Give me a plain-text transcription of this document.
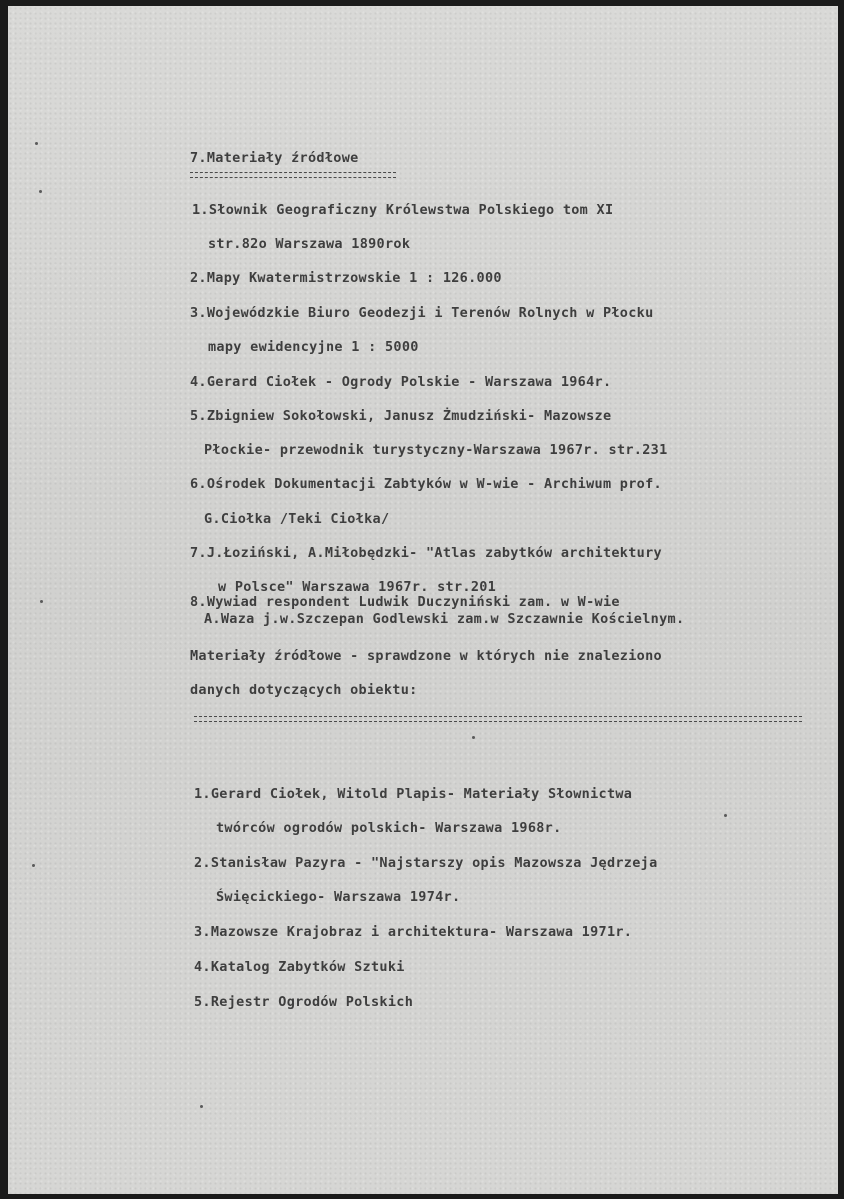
7.Materiały źródłowe

1.Słownik Geograficzny Królewstwa Polskiego tom XI

str.82o Warszawa 1890rok

2.Mapy Kwatermistrzowskie 1 : 126.000

3.Wojewódzkie Biuro Geodezji i Terenów Rolnych w Płocku

mapy ewidencyjne 1 : 5000

4.Gerard Ciołek - Ogrody Polskie - Warszawa 1964r.

5.Zbigniew Sokołowski, Janusz Żmudziński- Mazowsze

Płockie- przewodnik turystyczny-Warszawa 1967r. str.231

6.Ośrodek Dokumentacji Zabtyków w W-wie - Archiwum prof.

G.Ciołka /Teki Ciołka/

7.J.Łoziński, A.Miłobędzki- "Atlas zabytków architektury

w Polsce" Warszawa 1967r. str.201

8.Wywiad respondent Ludwik Duczyniński zam. w W-wie

A.Waza j.w.Szczepan Godlewski zam.w Szczawnie Kościelnym.

Materiały źródłowe - sprawdzone w których nie znaleziono

danych dotyczących obiektu:

1.Gerard Ciołek, Witold Plapis- Materiały Słownictwa

twórców ogrodów polskich- Warszawa 1968r.

2.Stanisław Pazyra - "Najstarszy opis Mazowsza Jędrzeja

Święcickiego- Warszawa 1974r.

3.Mazowsze Krajobraz i architektura- Warszawa 1971r.

4.Katalog Zabytków Sztuki

5.Rejestr Ogrodów Polskich
